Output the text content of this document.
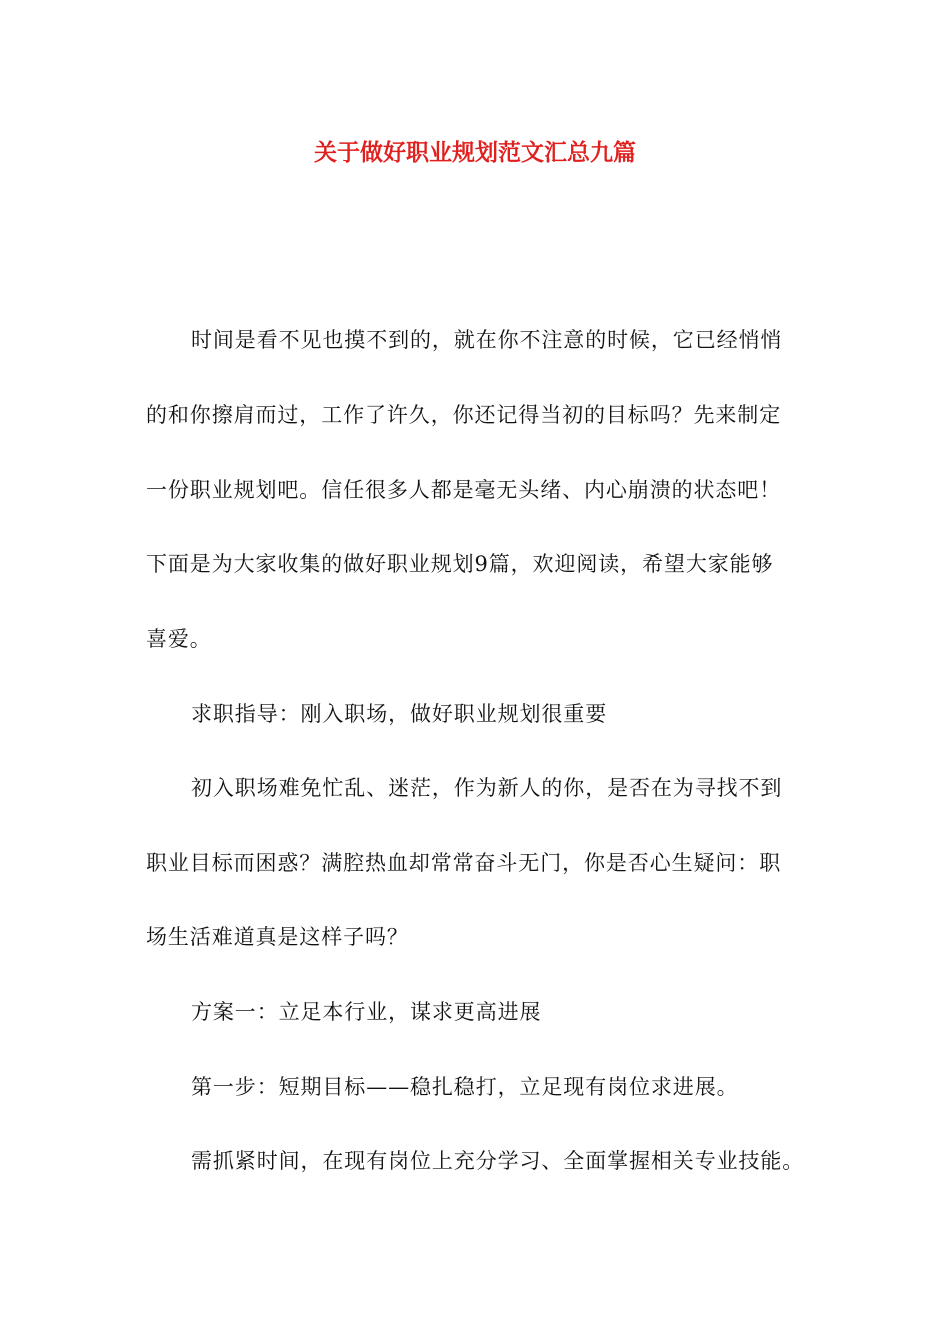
关于做好职业规划范文汇总九篇
时间是看不见也摸不到的，就在你不注意的时候，它已经悄悄
的和你擦肩而过，工作了许久，你还记得当初的目标吗？先来制定
一份职业规划吧。信任很多人都是毫无头绪、内心崩溃的状态吧！
下面是为大家收集的做好职业规划9篇，欢迎阅读，希望大家能够
喜爱。
求职指导：刚入职场，做好职业规划很重要
初入职场难免忙乱、迷茫，作为新人的你，是否在为寻找不到
职业目标而困惑？满腔热血却常常奋斗无门，你是否心生疑问：职
场生活难道真是这样子吗？
方案一：立足本行业，谋求更高进展
第一步：短期目标——稳扎稳打，立足现有岗位求进展。
需抓紧时间，在现有岗位上充分学习、全面掌握相关专业技能。
